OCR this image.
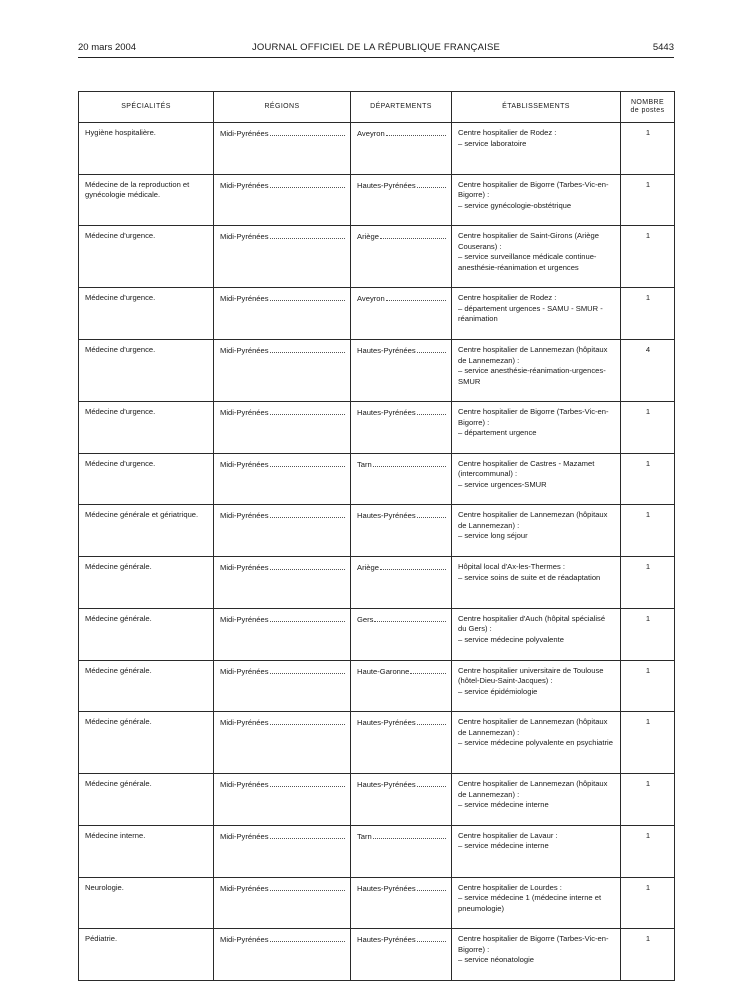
20 mars 2004	JOURNAL OFFICIEL DE LA RÉPUBLIQUE FRANÇAISE	5443
SPÉCIALITÉS	RÉGIONS	DÉPARTEMENTS	ÉTABLISSEMENTS	NOMBRE
de postes

Hygiène hospitalière.	Midi-Pyrénées	Aveyron	Centre hospitalier de Rodez :
– service laboratoire	1
Médecine de la reproduction et gynécologie médicale.	Midi-Pyrénées	Hautes-Pyrénées	Centre hospitalier de Bigorre (Tarbes-Vic-en-Bigorre) :
– service gynécologie-obstétrique	1
Médecine d'urgence.	Midi-Pyrénées	Ariège	Centre hospitalier de Saint-Girons (Ariège Couserans) :
– service surveillance médicale continue-anesthésie-réanimation et urgences	1
Médecine d'urgence.	Midi-Pyrénées	Aveyron	Centre hospitalier de Rodez :
– département urgences - SAMU - SMUR - réanimation	1
Médecine d'urgence.	Midi-Pyrénées	Hautes-Pyrénées	Centre hospitalier de Lannemezan (hôpitaux de Lannemezan) :
– service anesthésie-réanimation-urgences-SMUR	4
Médecine d'urgence.	Midi-Pyrénées	Hautes-Pyrénées	Centre hospitalier de Bigorre (Tarbes-Vic-en-Bigorre) :
– département urgence	1
Médecine d'urgence.	Midi-Pyrénées	Tarn	Centre hospitalier de Castres - Mazamet (intercommunal) :
– service urgences-SMUR	1
Médecine générale et gériatrique.	Midi-Pyrénées	Hautes-Pyrénées	Centre hospitalier de Lannemezan (hôpitaux de Lannemezan) :
– service long séjour	1
Médecine générale.	Midi-Pyrénées	Ariège	Hôpital local d'Ax-les-Thermes :
– service soins de suite et de réadaptation	1
Médecine générale.	Midi-Pyrénées	Gers	Centre hospitalier d'Auch (hôpital spécialisé du Gers) :
– service médecine polyvalente	1
Médecine générale.	Midi-Pyrénées	Haute-Garonne	Centre hospitalier universitaire de Toulouse (hôtel-Dieu-Saint-Jacques) :
– service épidémiologie	1
Médecine générale.	Midi-Pyrénées	Hautes-Pyrénées	Centre hospitalier de Lannemezan (hôpitaux de Lannemezan) :
– service médecine polyvalente en psychiatrie	1
Médecine générale.	Midi-Pyrénées	Hautes-Pyrénées	Centre hospitalier de Lannemezan (hôpitaux de Lannemezan) :
– service médecine interne	1
Médecine interne.	Midi-Pyrénées	Tarn	Centre hospitalier de Lavaur :
– service médecine interne	1
Neurologie.	Midi-Pyrénées	Hautes-Pyrénées	Centre hospitalier de Lourdes :
– service médecine 1 (médecine interne et pneumologie)	1
Pédiatrie.	Midi-Pyrénées	Hautes-Pyrénées	Centre hospitalier de Bigorre (Tarbes-Vic-en-Bigorre) :
– service néonatologie	1
